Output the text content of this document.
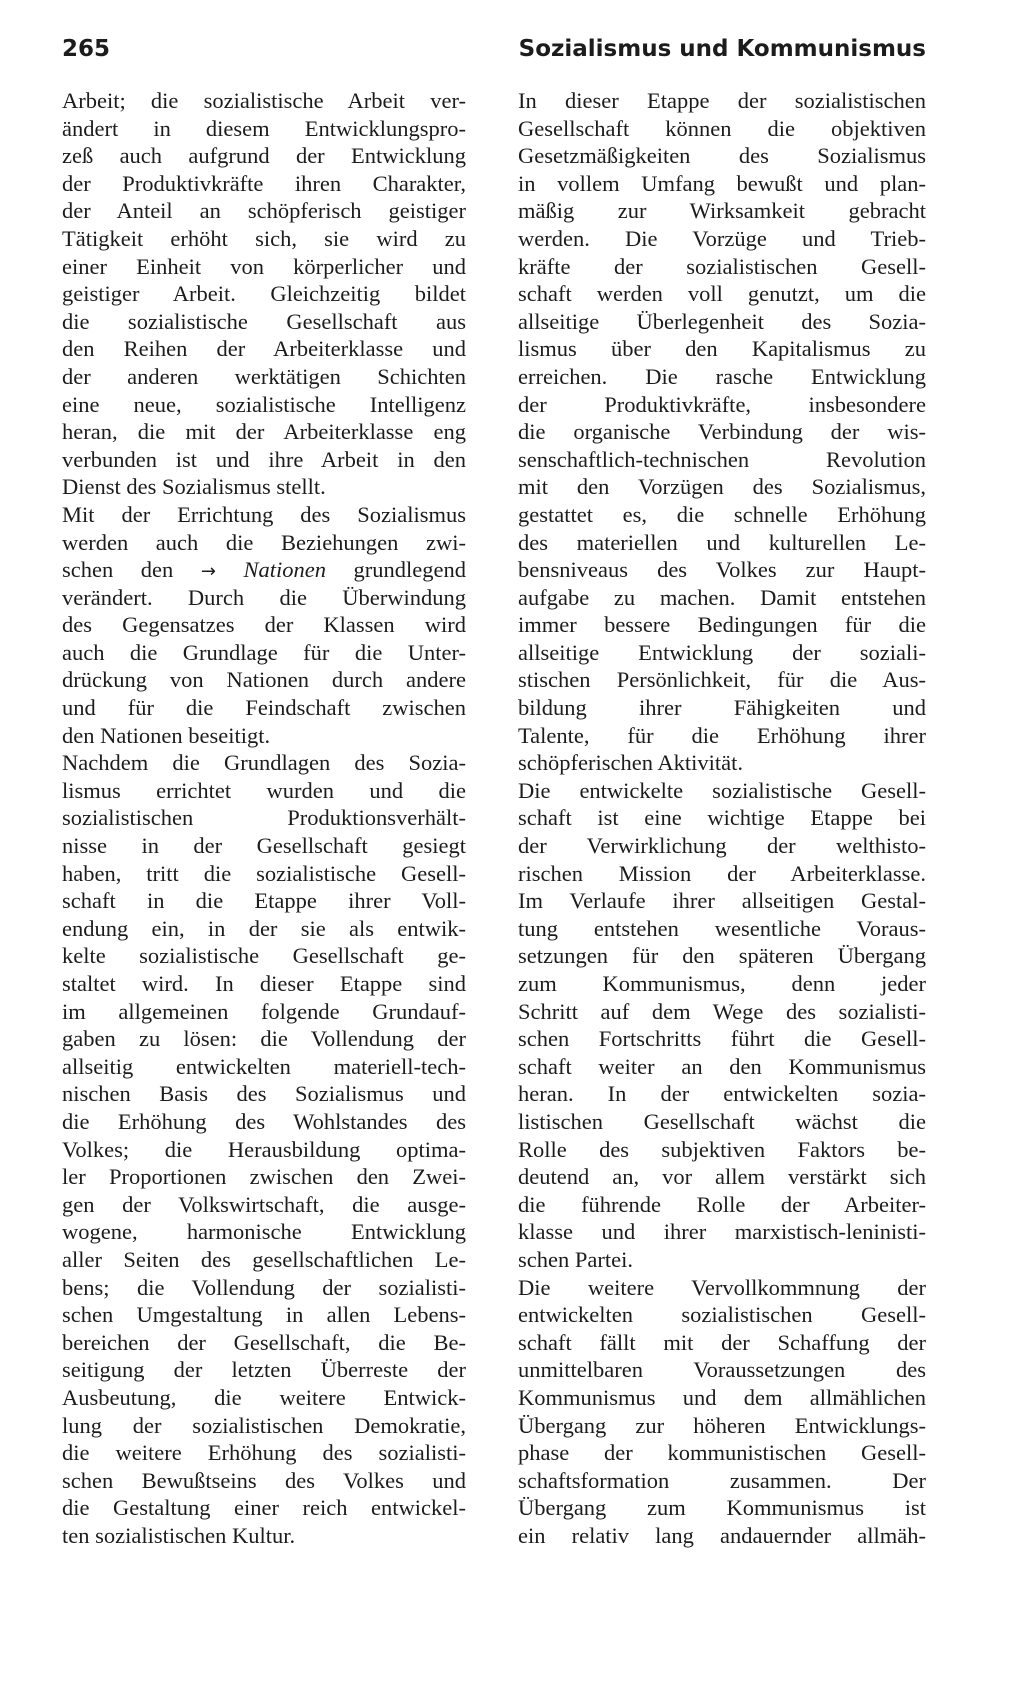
265	Sozialismus und Kommunismus
Arbeit; die sozialistische Arbeit ver-
ändert in diesem Entwicklungspro-
zeß auch aufgrund der Entwicklung
der Produktivkräfte ihren Charakter,
der Anteil an schöpferisch geistiger
Tätigkeit erhöht sich, sie wird zu
einer Einheit von körperlicher und
geistiger Arbeit. Gleichzeitig bildet
die sozialistische Gesellschaft aus
den Reihen der Arbeiterklasse und
der anderen werktätigen Schichten
eine neue, sozialistische Intelligenz
heran, die mit der Arbeiterklasse eng
verbunden ist und ihre Arbeit in den
Dienst des Sozialismus stellt.
Mit der Errichtung des Sozialismus
werden auch die Beziehungen zwi-
schen den → Nationen grundlegend
verändert. Durch die Überwindung
des Gegensatzes der Klassen wird
auch die Grundlage für die Unter-
drückung von Nationen durch andere
und für die Feindschaft zwischen
den Nationen beseitigt.
Nachdem die Grundlagen des Sozia-
lismus errichtet wurden und die
sozialistischen Produktionsverhält-
nisse in der Gesellschaft gesiegt
haben, tritt die sozialistische Gesell-
schaft in die Etappe ihrer Voll-
endung ein, in der sie als entwik-
kelte sozialistische Gesellschaft ge-
staltet wird. In dieser Etappe sind
im allgemeinen folgende Grundauf-
gaben zu lösen: die Vollendung der
allseitig entwickelten materiell-tech-
nischen Basis des Sozialismus und
die Erhöhung des Wohlstandes des
Volkes; die Herausbildung optima-
ler Proportionen zwischen den Zwei-
gen der Volkswirtschaft, die ausge-
wogene, harmonische Entwicklung
aller Seiten des gesellschaftlichen Le-
bens; die Vollendung der sozialisti-
schen Umgestaltung in allen Lebens-
bereichen der Gesellschaft, die Be-
seitigung der letzten Überreste der
Ausbeutung, die weitere Entwick-
lung der sozialistischen Demokratie,
die weitere Erhöhung des sozialisti-
schen Bewußtseins des Volkes und
die Gestaltung einer reich entwickel-
ten sozialistischen Kultur.
In dieser Etappe der sozialistischen
Gesellschaft können die objektiven
Gesetzmäßigkeiten des Sozialismus
in vollem Umfang bewußt und plan-
mäßig zur Wirksamkeit gebracht
werden. Die Vorzüge und Trieb-
kräfte der sozialistischen Gesell-
schaft werden voll genutzt, um die
allseitige Überlegenheit des Sozia-
lismus über den Kapitalismus zu
erreichen. Die rasche Entwicklung
der Produktivkräfte, insbesondere
die organische Verbindung der wis-
senschaftlich-technischen Revolution
mit den Vorzügen des Sozialismus,
gestattet es, die schnelle Erhöhung
des materiellen und kulturellen Le-
bensniveaus des Volkes zur Haupt-
aufgabe zu machen. Damit entstehen
immer bessere Bedingungen für die
allseitige Entwicklung der soziali-
stischen Persönlichkeit, für die Aus-
bildung ihrer Fähigkeiten und
Talente, für die Erhöhung ihrer
schöpferischen Aktivität.
Die entwickelte sozialistische Gesell-
schaft ist eine wichtige Etappe bei
der Verwirklichung der welthisto-
rischen Mission der Arbeiterklasse.
Im Verlaufe ihrer allseitigen Gestal-
tung entstehen wesentliche Voraus-
setzungen für den späteren Übergang
zum Kommunismus, denn jeder
Schritt auf dem Wege des sozialisti-
schen Fortschritts führt die Gesell-
schaft weiter an den Kommunismus
heran. In der entwickelten sozia-
listischen Gesellschaft wächst die
Rolle des subjektiven Faktors be-
deutend an, vor allem verstärkt sich
die führende Rolle der Arbeiter-
klasse und ihrer marxistisch-leninisti-
schen Partei.
Die weitere Vervollkommnung der
entwickelten sozialistischen Gesell-
schaft fällt mit der Schaffung der
unmittelbaren Voraussetzungen des
Kommunismus und dem allmählichen
Übergang zur höheren Entwicklungs-
phase der kommunistischen Gesell-
schaftsformation zusammen. Der
Übergang zum Kommunismus ist
ein relativ lang andauernder allmäh-
